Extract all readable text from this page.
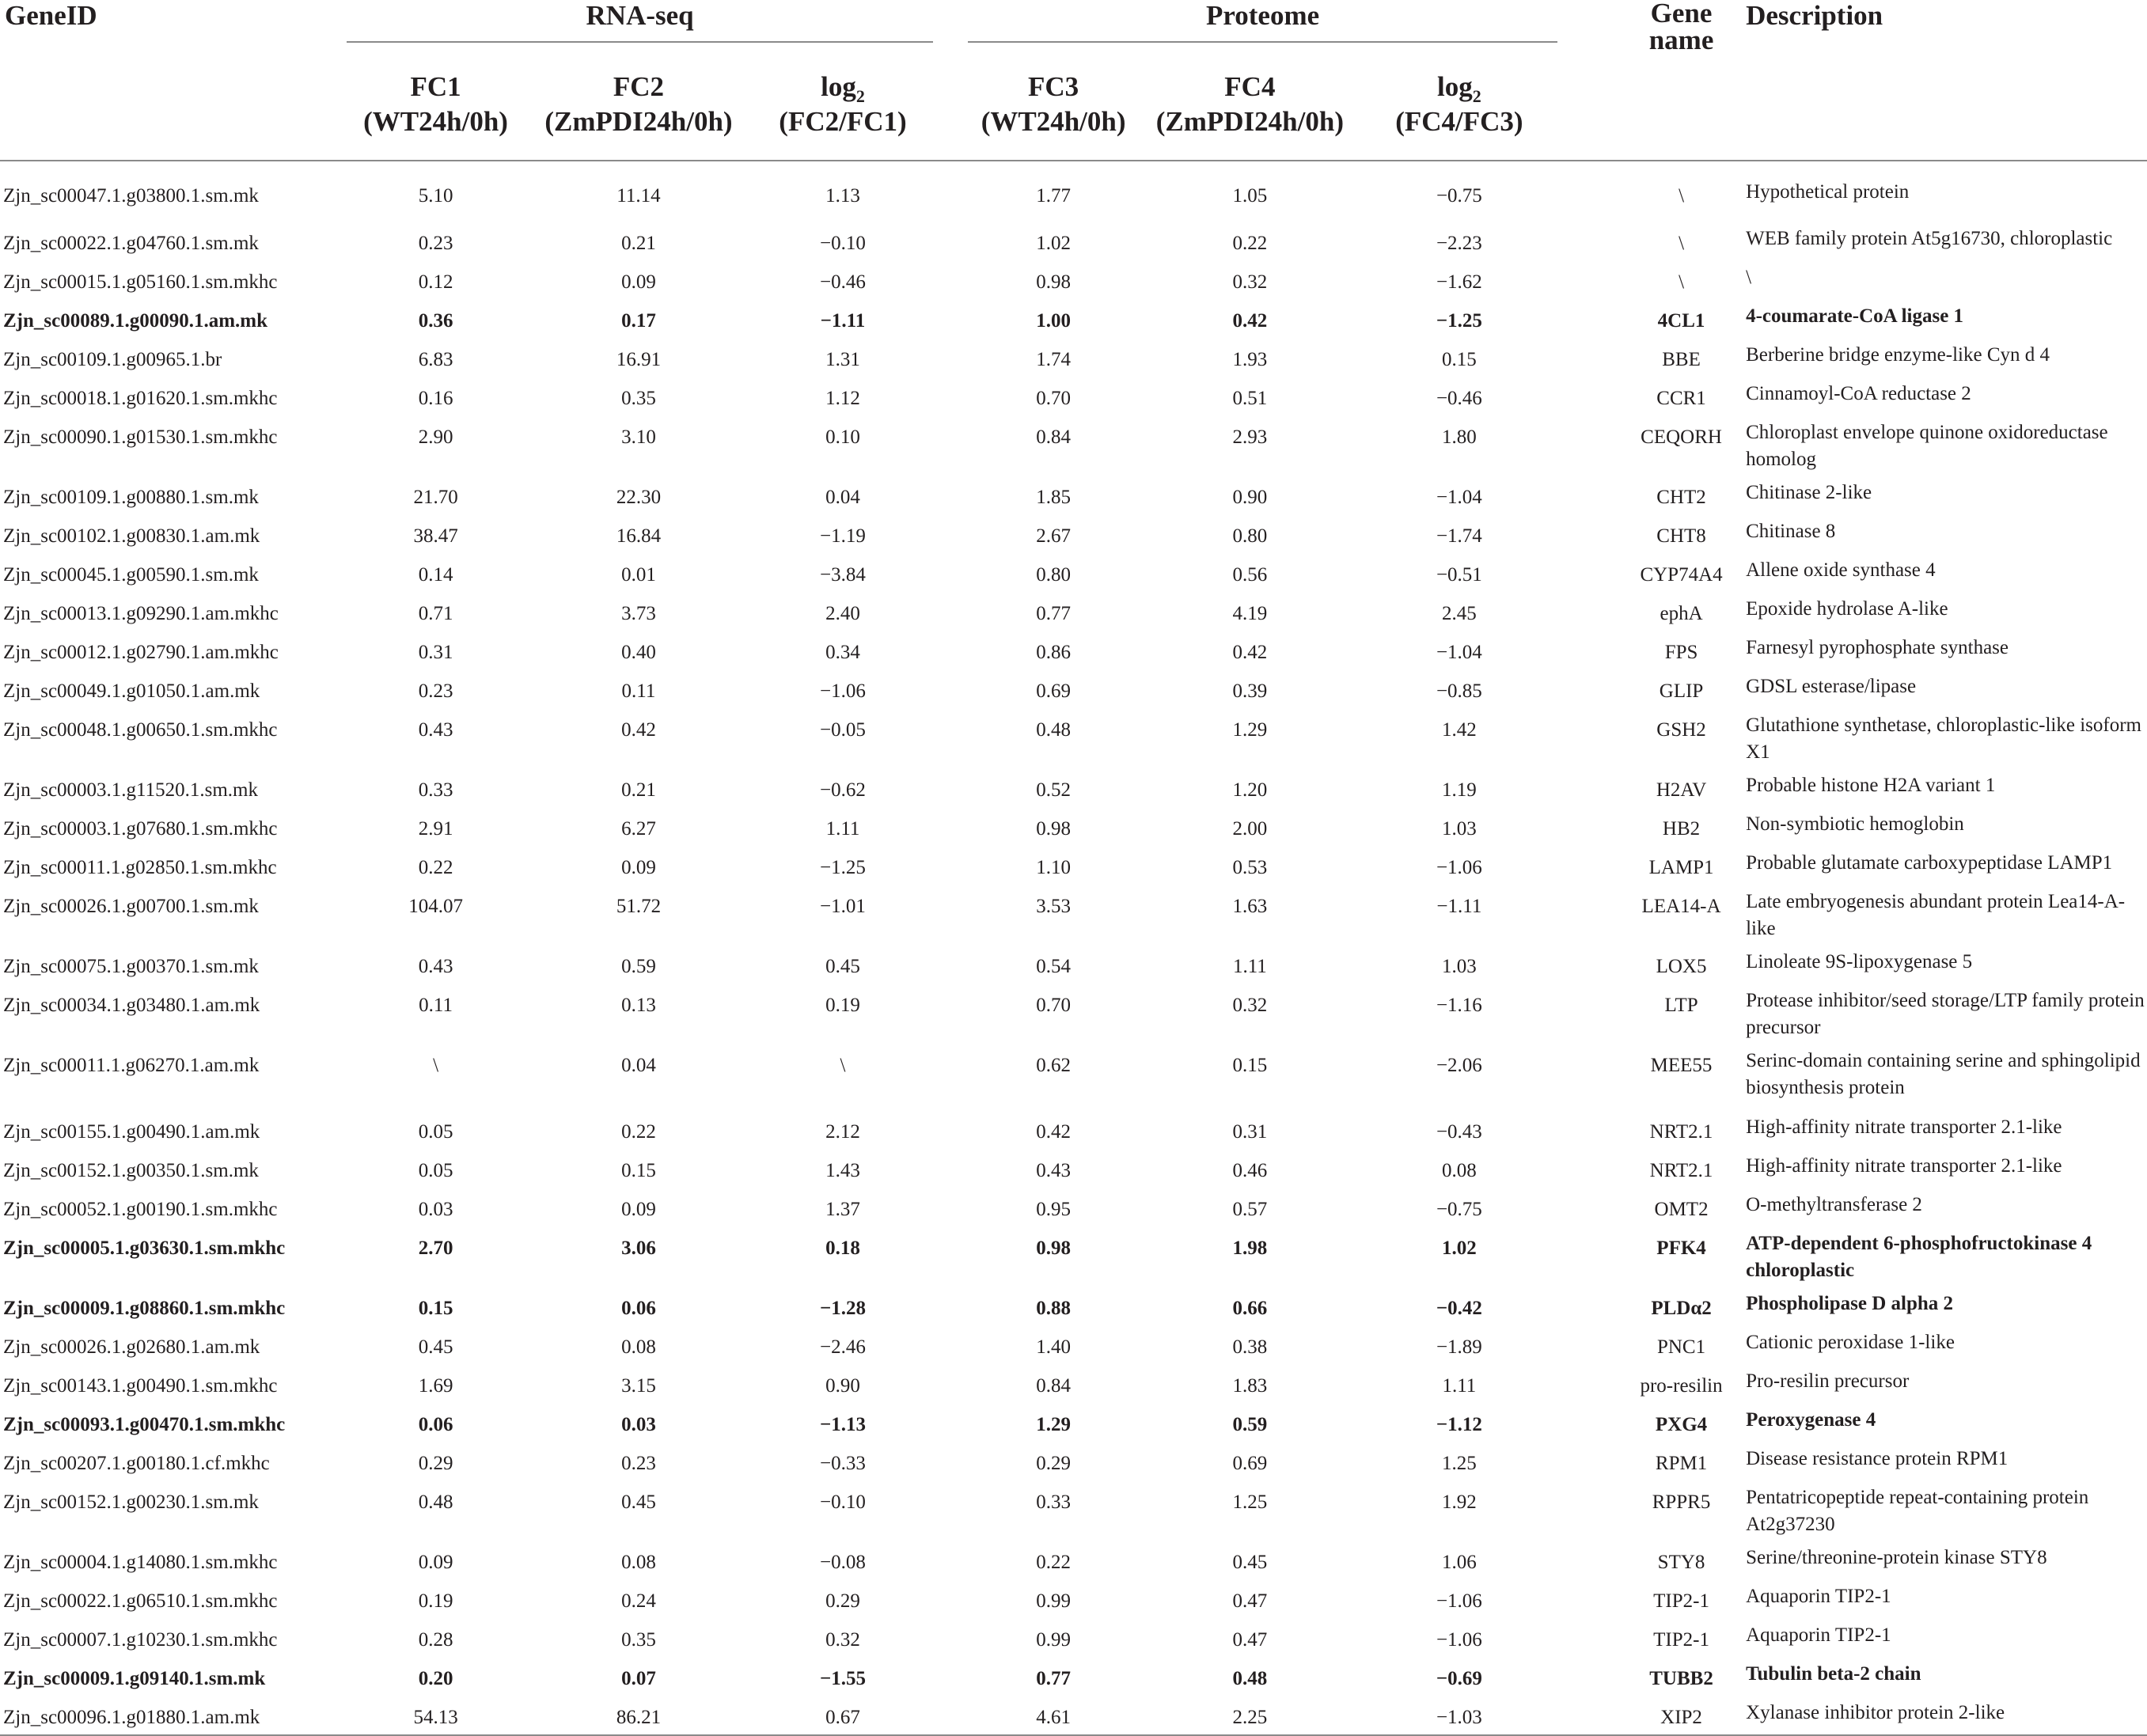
GeneID	RNA-seq				Proteome				Gene
name	Description
	FC1	FC2	$\log_2$		FC3	FC4	$\log_2$
	(WT24h/0h)	(ZmPDI24h/0h)	(FC2/FC1)		(WT24h/0h)	(ZmPDI24h/0h)	(FC4/FC3)			
Zjn_sc00047.1.g03800.1.sm.mk	5.10	11.14	1.13		1.77	1.05	−0.75		\	Hypothetical protein
Zjn_sc00022.1.g04760.1.sm.mk	0.23	0.21	−0.10		1.02	0.22	−2.23		\	WEB family protein At5g16730, chloroplastic
Zjn_sc00015.1.g05160.1.sm.mkhc	0.12	0.09	−0.46		0.98	0.32	−1.62		\	\
Zjn_sc00089.1.g00090.1.am.mk	0.36	0.17	−1.11		1.00	0.42	−1.25		4CL1	4-coumarate-CoA ligase 1
Zjn_sc00109.1.g00965.1.br	6.83	16.91	1.31		1.74	1.93	0.15		BBE	Berberine bridge enzyme-like Cyn d 4
Zjn_sc00018.1.g01620.1.sm.mkhc	0.16	0.35	1.12		0.70	0.51	−0.46		CCR1	Cinnamoyl-CoA reductase 2
Zjn_sc00090.1.g01530.1.sm.mkhc	2.90	3.10	0.10		0.84	2.93	1.80		CEQORH	Chloroplast envelope quinone oxidoreductase homolog
Zjn_sc00109.1.g00880.1.sm.mk	21.70	22.30	0.04		1.85	0.90	−1.04		CHT2	Chitinase 2-like
Zjn_sc00102.1.g00830.1.am.mk	38.47	16.84	−1.19		2.67	0.80	−1.74		CHT8	Chitinase 8
Zjn_sc00045.1.g00590.1.sm.mk	0.14	0.01	−3.84		0.80	0.56	−0.51		CYP74A4	Allene oxide synthase 4
Zjn_sc00013.1.g09290.1.am.mkhc	0.71	3.73	2.40		0.77	4.19	2.45		ephA	Epoxide hydrolase A-like
Zjn_sc00012.1.g02790.1.am.mkhc	0.31	0.40	0.34		0.86	0.42	−1.04		FPS	Farnesyl pyrophosphate synthase
Zjn_sc00049.1.g01050.1.am.mk	0.23	0.11	−1.06		0.69	0.39	−0.85		GLIP	GDSL esterase/lipase
Zjn_sc00048.1.g00650.1.sm.mkhc	0.43	0.42	−0.05		0.48	1.29	1.42		GSH2	Glutathione synthetase, chloroplastic-like isoform X1
Zjn_sc00003.1.g11520.1.sm.mk	0.33	0.21	−0.62		0.52	1.20	1.19		H2AV	Probable histone H2A variant 1
Zjn_sc00003.1.g07680.1.sm.mkhc	2.91	6.27	1.11		0.98	2.00	1.03		HB2	Non-symbiotic hemoglobin
Zjn_sc00011.1.g02850.1.sm.mkhc	0.22	0.09	−1.25		1.10	0.53	−1.06		LAMP1	Probable glutamate carboxypeptidase LAMP1
Zjn_sc00026.1.g00700.1.sm.mk	104.07	51.72	−1.01		3.53	1.63	−1.11		LEA14-A	Late embryogenesis abundant protein Lea14-A-like
Zjn_sc00075.1.g00370.1.sm.mk	0.43	0.59	0.45		0.54	1.11	1.03		LOX5	Linoleate 9S-lipoxygenase 5
Zjn_sc00034.1.g03480.1.am.mk	0.11	0.13	0.19		0.70	0.32	−1.16		LTP	Protease inhibitor/seed storage/LTP family protein precursor
Zjn_sc00011.1.g06270.1.am.mk	\	0.04	\		0.62	0.15	−2.06		MEE55	Serinc-domain containing serine and sphingolipid biosynthesis protein
Zjn_sc00155.1.g00490.1.am.mk	0.05	0.22	2.12		0.42	0.31	−0.43		NRT2.1	High-affinity nitrate transporter 2.1-like
Zjn_sc00152.1.g00350.1.sm.mk	0.05	0.15	1.43		0.43	0.46	0.08		NRT2.1	High-affinity nitrate transporter 2.1-like
Zjn_sc00052.1.g00190.1.sm.mkhc	0.03	0.09	1.37		0.95	0.57	−0.75		OMT2	O-methyltransferase 2
Zjn_sc00005.1.g03630.1.sm.mkhc	2.70	3.06	0.18		0.98	1.98	1.02		PFK4	ATP-dependent 6-phosphofructokinase 4 chloroplastic
Zjn_sc00009.1.g08860.1.sm.mkhc	0.15	0.06	−1.28		0.88	0.66	−0.42		PLDα2	Phospholipase D alpha 2
Zjn_sc00026.1.g02680.1.am.mk	0.45	0.08	−2.46		1.40	0.38	−1.89		PNC1	Cationic peroxidase 1-like
Zjn_sc00143.1.g00490.1.sm.mkhc	1.69	3.15	0.90		0.84	1.83	1.11		pro-resilin	Pro-resilin precursor
Zjn_sc00093.1.g00470.1.sm.mkhc	0.06	0.03	−1.13		1.29	0.59	−1.12		PXG4	Peroxygenase 4
Zjn_sc00207.1.g00180.1.cf.mkhc	0.29	0.23	−0.33		0.29	0.69	1.25		RPM1	Disease resistance protein RPM1
Zjn_sc00152.1.g00230.1.sm.mk	0.48	0.45	−0.10		0.33	1.25	1.92		RPPR5	Pentatricopeptide repeat-containing protein At2g37230
Zjn_sc00004.1.g14080.1.sm.mkhc	0.09	0.08	−0.08		0.22	0.45	1.06		STY8	Serine/threonine-protein kinase STY8
Zjn_sc00022.1.g06510.1.sm.mkhc	0.19	0.24	0.29		0.99	0.47	−1.06		TIP2-1	Aquaporin TIP2-1
Zjn_sc00007.1.g10230.1.sm.mkhc	0.28	0.35	0.32		0.99	0.47	−1.06		TIP2-1	Aquaporin TIP2-1
Zjn_sc00009.1.g09140.1.sm.mk	0.20	0.07	−1.55		0.77	0.48	−0.69		TUBB2	Tubulin beta-2 chain
Zjn_sc00096.1.g01880.1.am.mk	54.13	86.21	0.67		4.61	2.25	−1.03		XIP2	Xylanase inhibitor protein 2-like
